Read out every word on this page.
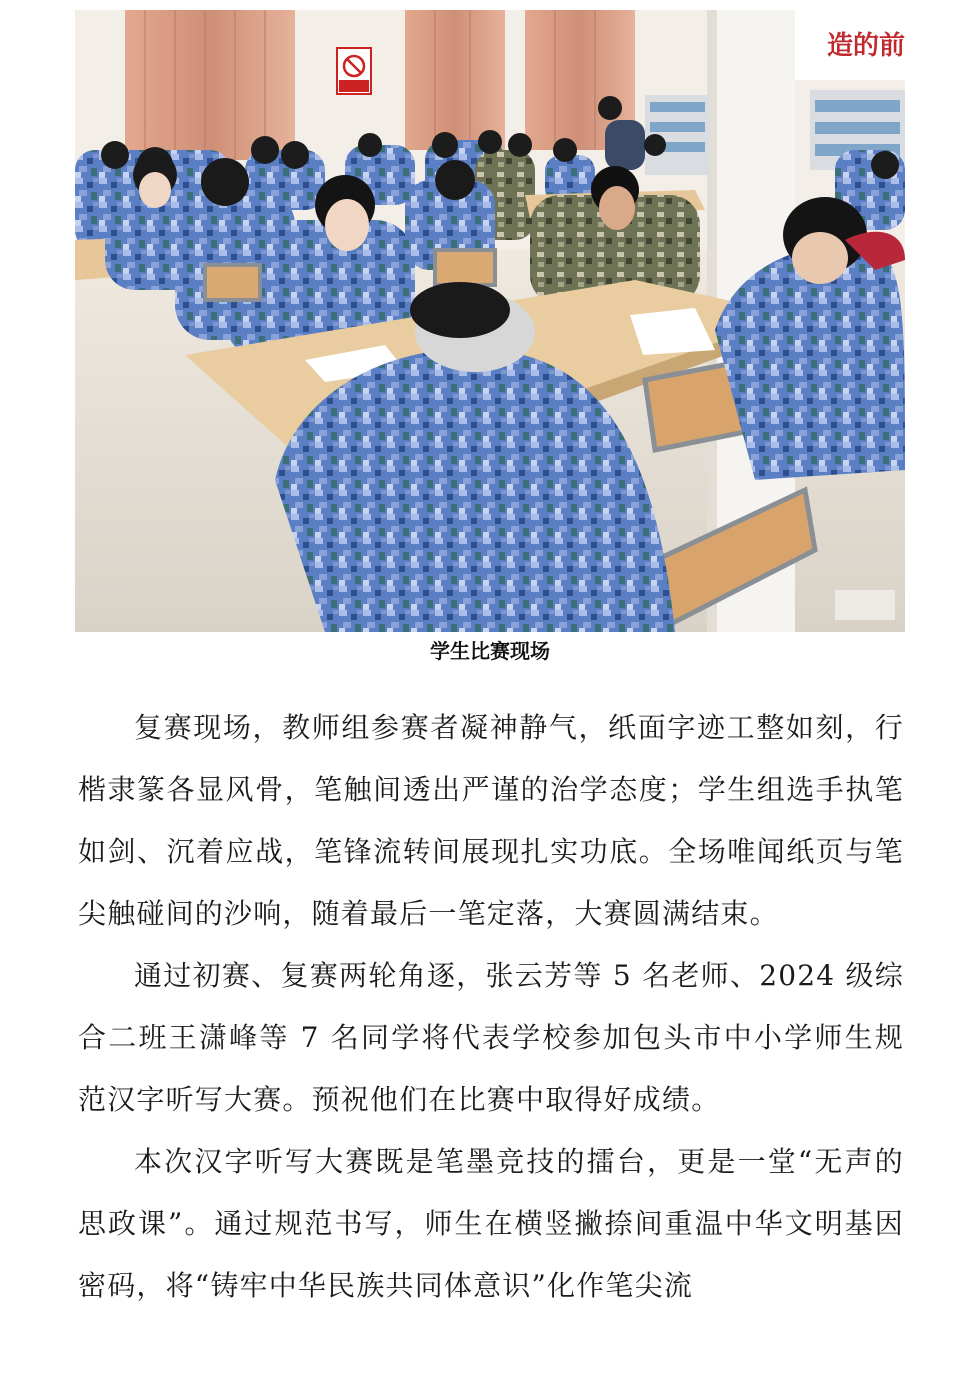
造的前
学生比赛现场

复赛现场，教师组参赛者凝神静气，纸面字迹工整如刻，行楷隶篆各显风骨，笔触间透出严谨的治学态度；学生组选手执笔如剑、沉着应战，笔锋流转间展现扎实功底。全场唯闻纸页与笔尖触碰间的沙响，随着最后一笔定落，大赛圆满结束。

通过初赛、复赛两轮角逐，张云芳等 5 名老师、2024 级综合二班王潇峰等 7 名同学将代表学校参加包头市中小学师生规范汉字听写大赛。预祝他们在比赛中取得好成绩。

本次汉字听写大赛既是笔墨竞技的擂台，更是一堂“无声的思政课”。通过规范书写，师生在横竖撇捺间重温中华文明基因密码，将“铸牢中华民族共同体意识”化作笔尖流
